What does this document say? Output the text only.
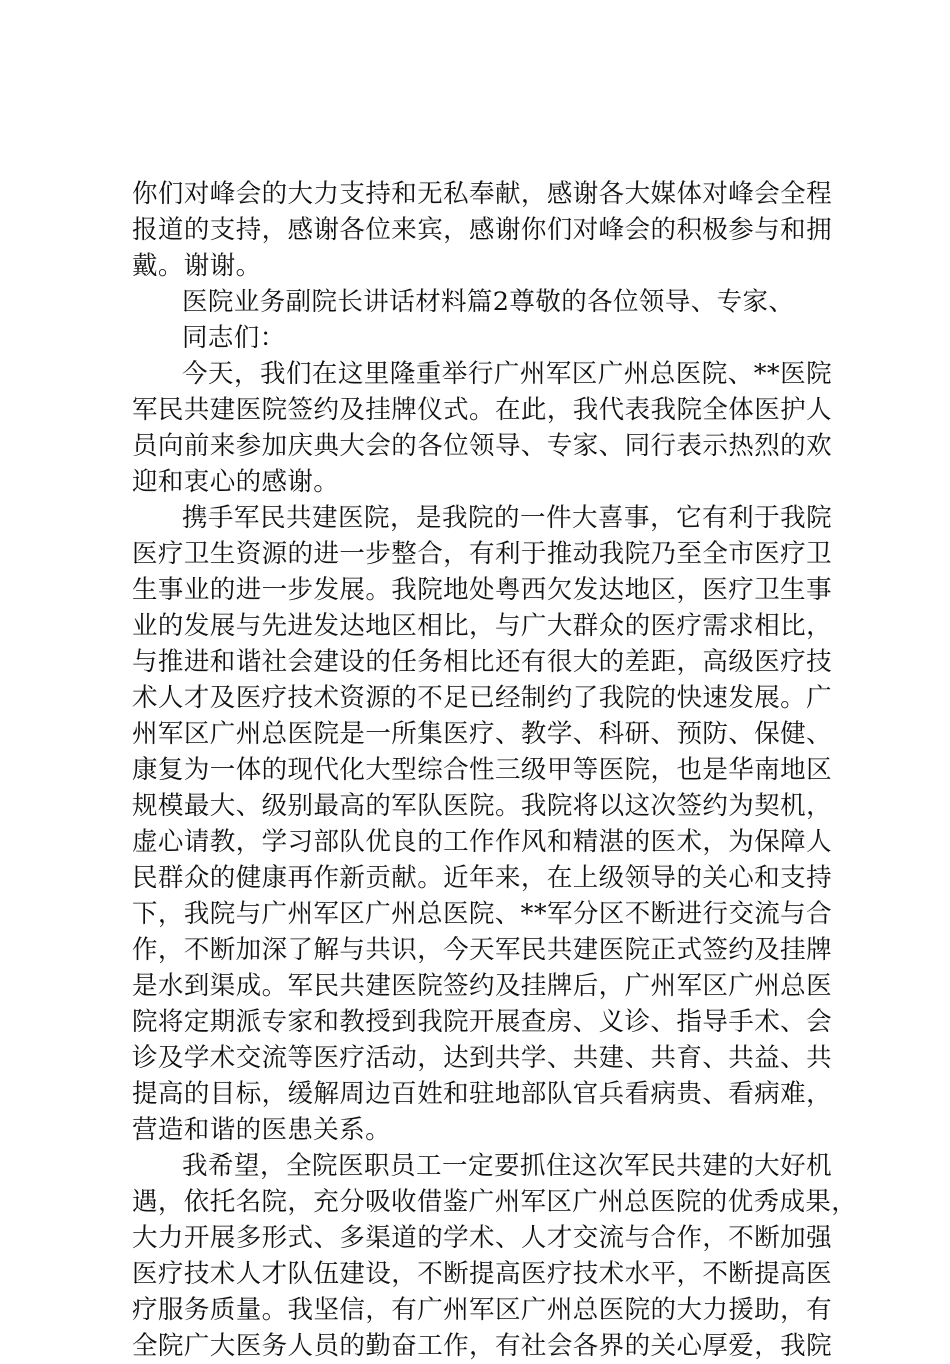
你们对峰会的大力支持和无私奉献，感谢各大媒体对峰会全程
报道的支持，感谢各位来宾，感谢你们对峰会的积极参与和拥
戴。谢谢。
医院业务副院长讲话材料篇2尊敬的各位领导、专家、
同志们：
今天，我们在这里隆重举行广州军区广州总医院、**医院
军民共建医院签约及挂牌仪式。在此，我代表我院全体医护人
员向前来参加庆典大会的各位领导、专家、同行表示热烈的欢
迎和衷心的感谢。
携手军民共建医院，是我院的一件大喜事，它有利于我院
医疗卫生资源的进一步整合，有利于推动我院乃至全市医疗卫
生事业的进一步发展。我院地处粤西欠发达地区，医疗卫生事
业的发展与先进发达地区相比，与广大群众的医疗需求相比，
与推进和谐社会建设的任务相比还有很大的差距，高级医疗技
术人才及医疗技术资源的不足已经制约了我院的快速发展。广
州军区广州总医院是一所集医疗、教学、科研、预防、保健、
康复为一体的现代化大型综合性三级甲等医院，也是华南地区
规模最大、级别最高的军队医院。我院将以这次签约为契机，
虚心请教，学习部队优良的工作作风和精湛的医术，为保障人
民群众的健康再作新贡献。近年来，在上级领导的关心和支持
下，我院与广州军区广州总医院、**军分区不断进行交流与合
作，不断加深了解与共识，今天军民共建医院正式签约及挂牌
是水到渠成。军民共建医院签约及挂牌后，广州军区广州总医
院将定期派专家和教授到我院开展查房、义诊、指导手术、会
诊及学术交流等医疗活动，达到共学、共建、共育、共益、共
提高的目标，缓解周边百姓和驻地部队官兵看病贵、看病难，
营造和谐的医患关系。
我希望，全院医职员工一定要抓住这次军民共建的大好机
遇，依托名院，充分吸收借鉴广州军区广州总医院的优秀成果，
大力开展多形式、多渠道的学术、人才交流与合作，不断加强
医疗技术人才队伍建设，不断提高医疗技术水平，不断提高医
疗服务质量。我坚信，有广州军区广州总医院的大力援助，有
全院广大医务人员的勤奋工作，有社会各界的关心厚爱，我院
